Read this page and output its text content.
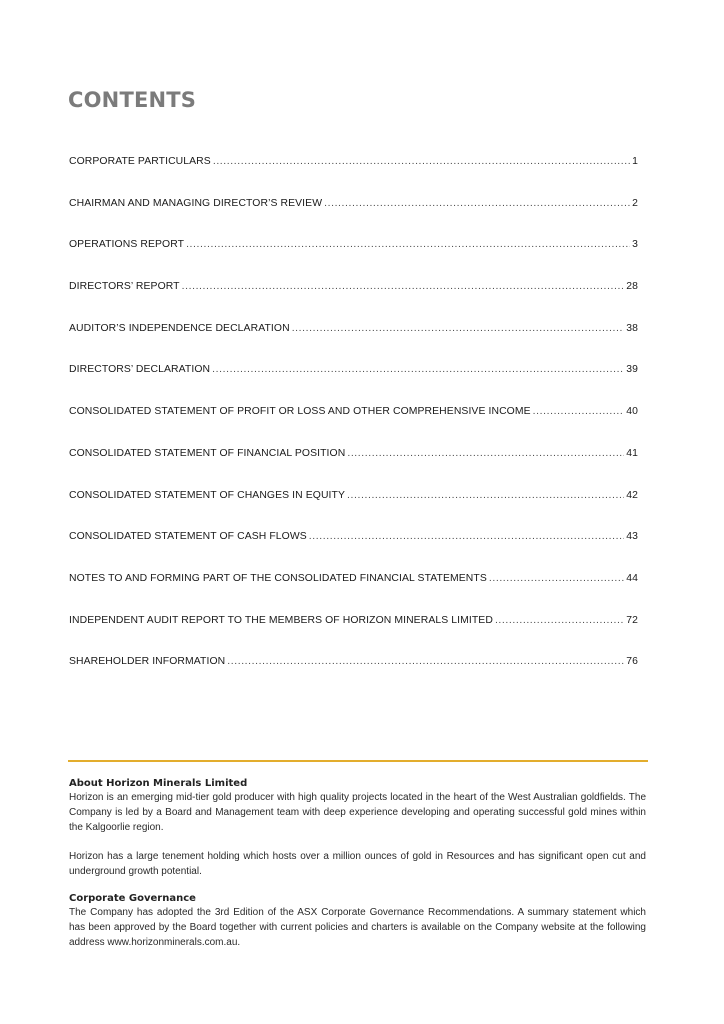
CONTENTS
CORPORATE PARTICULARS .....	1
CHAIRMAN AND MANAGING DIRECTOR’S REVIEW .....	2
OPERATIONS REPORT .....	3
DIRECTORS’ REPORT .....	28
AUDITOR’S INDEPENDENCE DECLARATION .....	38
DIRECTORS’ DECLARATION .....	39
CONSOLIDATED STATEMENT OF PROFIT OR LOSS AND OTHER COMPREHENSIVE INCOME .....	40
CONSOLIDATED STATEMENT OF FINANCIAL POSITION .....	41
CONSOLIDATED STATEMENT OF CHANGES IN EQUITY .....	42
CONSOLIDATED STATEMENT OF CASH FLOWS .....	43
NOTES TO AND FORMING PART OF THE CONSOLIDATED FINANCIAL STATEMENTS .....	44
INDEPENDENT AUDIT REPORT TO THE MEMBERS OF HORIZON MINERALS LIMITED .....	72
SHAREHOLDER INFORMATION .....	76
About Horizon Minerals Limited

Horizon is an emerging mid-tier gold producer with high quality projects located in the heart of the West Australian goldfields. The Company is led by a Board and Management team with deep experience developing and operating successful gold mines within the Kalgoorlie region.

Horizon has a large tenement holding which hosts over a million ounces of gold in Resources and has significant open cut and underground growth potential.

Corporate Governance

The Company has adopted the 3rd Edition of the ASX Corporate Governance Recommendations. A summary statement which has been approved by the Board together with current policies and charters is available on the Company website at the following address www.horizonminerals.com.au.
